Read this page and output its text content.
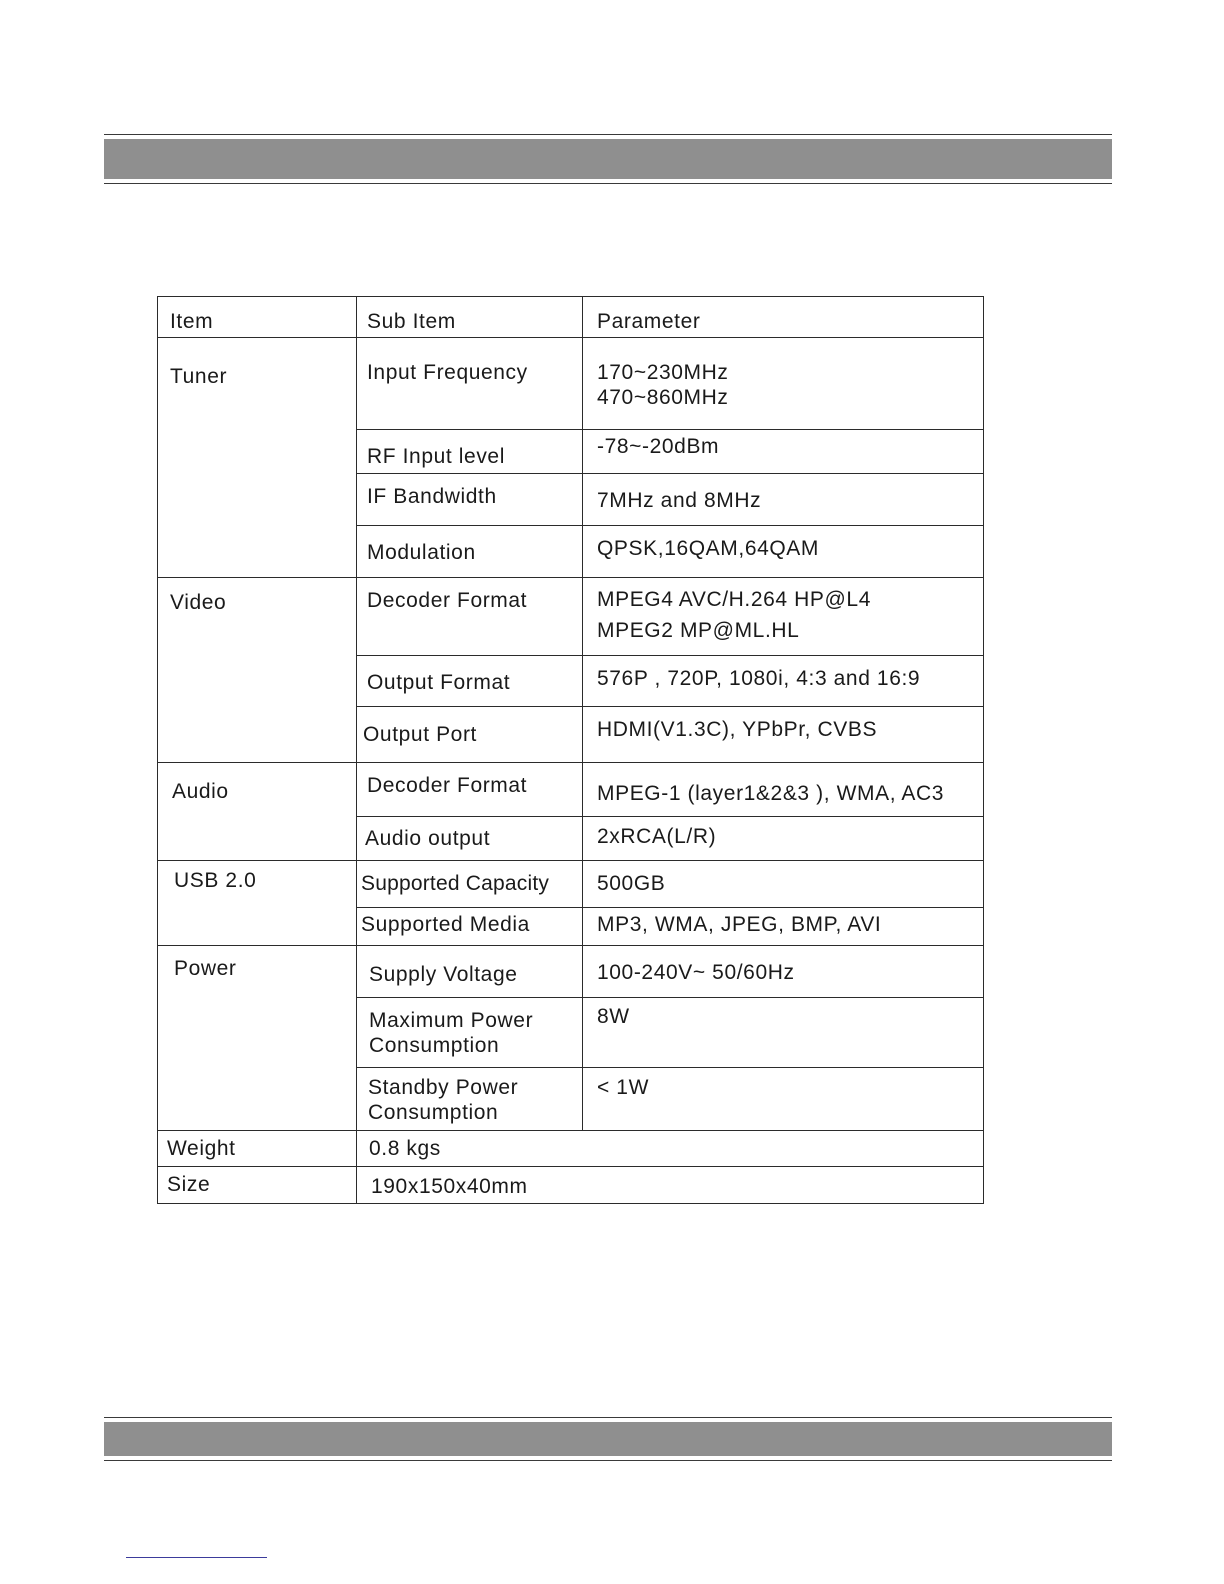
Item	Sub Item	Parameter

Tuner	Input Frequency	170~230MHz
470~860MHz

	RF Input level	-78~-20dBm

	IF Bandwidth	7MHz and 8MHz

	Modulation	QPSK,16QAM,64QAM

Video	Decoder Format	MPEG4 AVC/H.264 HP@L4
MPEG2 MP@ML.HL

	Output Format	576P , 720P, 1080i, 4:3 and 16:9

	Output Port	HDMI(V1.3C), YPbPr, CVBS

Audio	Decoder Format	MPEG-1 (layer1&2&3 ), WMA, AC3

	Audio output	2xRCA(L/R)

USB 2.0	Supported Capacity	500GB

	Supported Media	MP3, WMA, JPEG, BMP, AVI

Power	Supply Voltage	100-240V~ 50/60Hz

	Maximum Power
Consumption	8W

	Standby Power
Consumption	< 1W

Weight	0.8 kgs	

Size	190x150x40mm	
